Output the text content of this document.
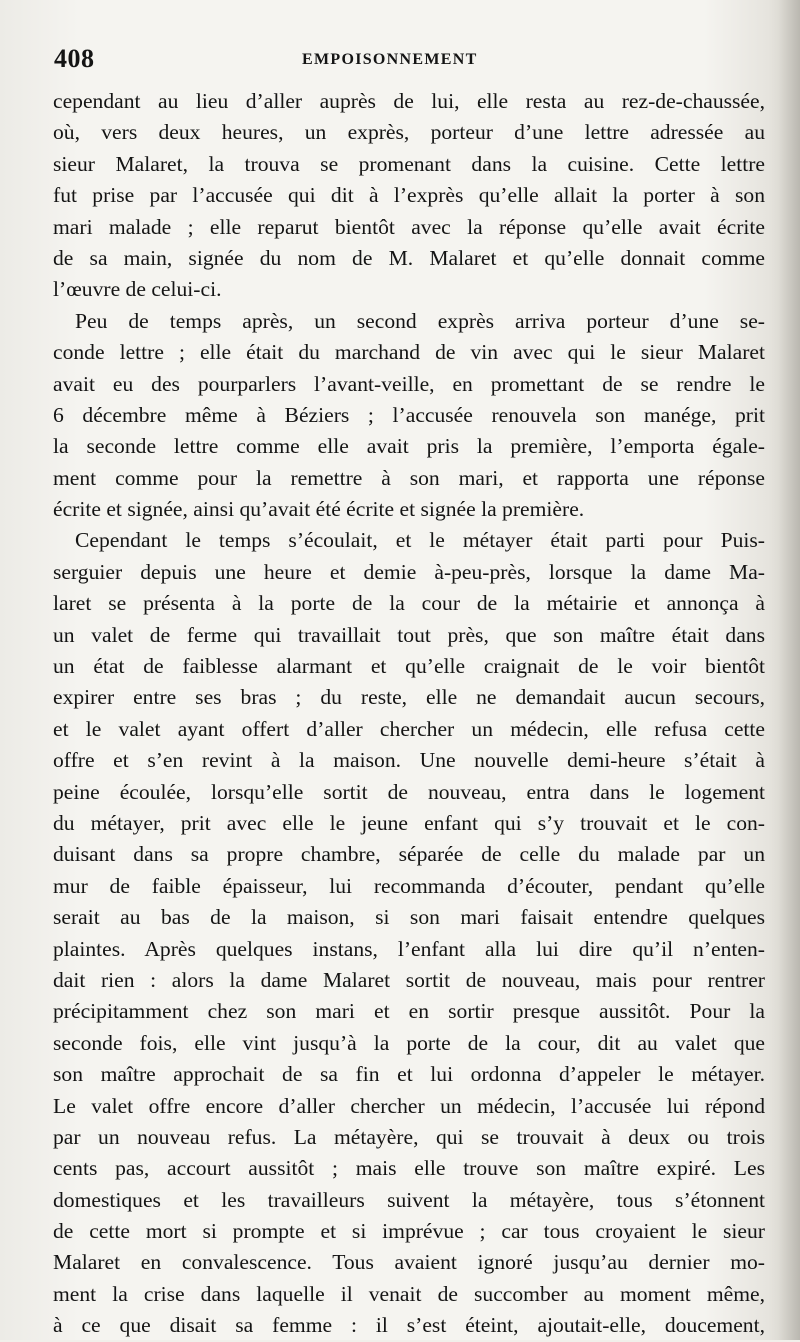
408	EMPOISONNEMENT
cependant au lieu d’aller auprès de lui, elle resta au rez-de-chaussée,
où, vers deux heures, un exprès, porteur d’une lettre adressée au
sieur Malaret, la trouva se promenant dans la cuisine. Cette lettre
fut prise par l’accusée qui dit à l’exprès qu’elle allait la porter à son
mari malade ; elle reparut bientôt avec la réponse qu’elle avait écrite
de sa main, signée du nom de M. Malaret et qu’elle donnait comme
l’œuvre de celui-ci.
Peu de temps après, un second exprès arriva porteur d’une se-
conde lettre ; elle était du marchand de vin avec qui le sieur Malaret
avait eu des pourparlers l’avant-veille, en promettant de se rendre le
6 décembre même à Béziers ; l’accusée renouvela son manége, prit
la seconde lettre comme elle avait pris la première, l’emporta égale-
ment comme pour la remettre à son mari, et rapporta une réponse
écrite et signée, ainsi qu’avait été écrite et signée la première.
Cependant le temps s’écoulait, et le métayer était parti pour Puis-
serguier depuis une heure et demie à-peu-près, lorsque la dame Ma-
laret se présenta à la porte de la cour de la métairie et annonça à
un valet de ferme qui travaillait tout près, que son maître était dans
un état de faiblesse alarmant et qu’elle craignait de le voir bientôt
expirer entre ses bras ; du reste, elle ne demandait aucun secours,
et le valet ayant offert d’aller chercher un médecin, elle refusa cette
offre et s’en revint à la maison. Une nouvelle demi-heure s’était à
peine écoulée, lorsqu’elle sortit de nouveau, entra dans le logement
du métayer, prit avec elle le jeune enfant qui s’y trouvait et le con-
duisant dans sa propre chambre, séparée de celle du malade par un
mur de faible épaisseur, lui recommanda d’écouter, pendant qu’elle
serait au bas de la maison, si son mari faisait entendre quelques
plaintes. Après quelques instans, l’enfant alla lui dire qu’il n’enten-
dait rien : alors la dame Malaret sortit de nouveau, mais pour rentrer
précipitamment chez son mari et en sortir presque aussitôt. Pour la
seconde fois, elle vint jusqu’à la porte de la cour, dit au valet que
son maître approchait de sa fin et lui ordonna d’appeler le métayer.
Le valet offre encore d’aller chercher un médecin, l’accusée lui répond
par un nouveau refus. La métayère, qui se trouvait à deux ou trois
cents pas, accourt aussitôt ; mais elle trouve son maître expiré. Les
domestiques et les travailleurs suivent la métayère, tous s’étonnent
de cette mort si prompte et si imprévue ; car tous croyaient le sieur
Malaret en convalescence. Tous avaient ignoré jusqu’au dernier mo-
ment la crise dans laquelle il venait de succomber au moment même,
à ce que disait sa femme : il s’est éteint, ajoutait-elle, doucement,
